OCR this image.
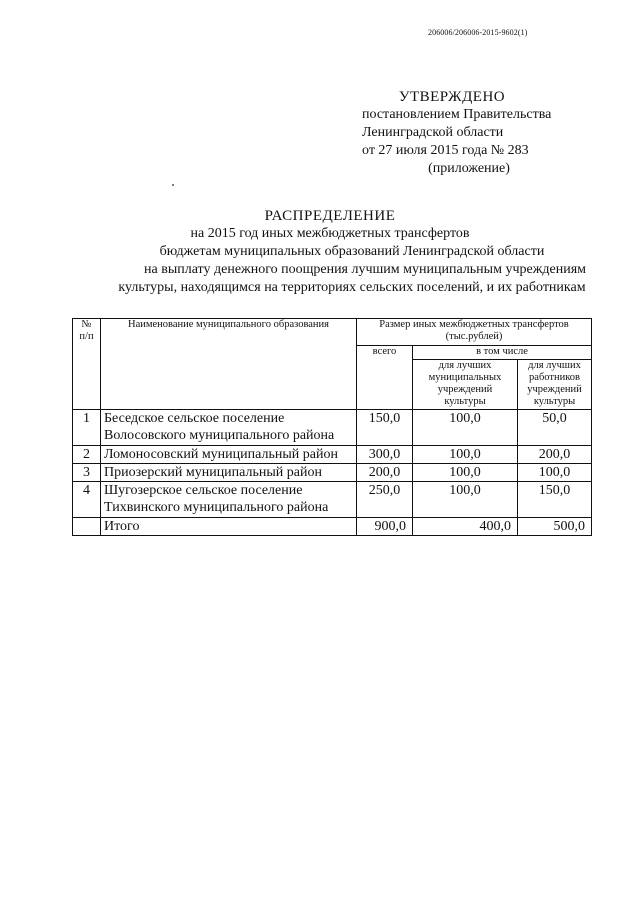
206006/206006-2015-9602(1)
УТВЕРЖДЕНО
постановлением Правительства
Ленинградской области
от 27 июля 2015 года № 283
(приложение)
РАСПРЕДЕЛЕНИЕ
на 2015 год иных межбюджетных трансфертов
бюджетам муниципальных образований Ленинградской области
на выплату денежного поощрения лучшим муниципальным учреждениям
культуры, находящимся на территориях сельских поселений, и их работникам
№ п/п	Наименование муниципального образования	Размер иных межбюджетных трансфертов (тыс.рублей)		
		всего	в том числе	
			для лучших муниципальных учреждений культуры	для лучших работников учреждений культуры
1	Беседское сельское поселение Волосовского муниципального района	150,0	100,0	50,0
2	Ломоносовский муниципальный район	300,0	100,0	200,0
3	Приозерский муниципальный район	200,0	100,0	100,0
4	Шугозерское сельское поселение Тихвинского муниципального района	250,0	100,0	150,0
	Итого	900,0	400,0	500,0
